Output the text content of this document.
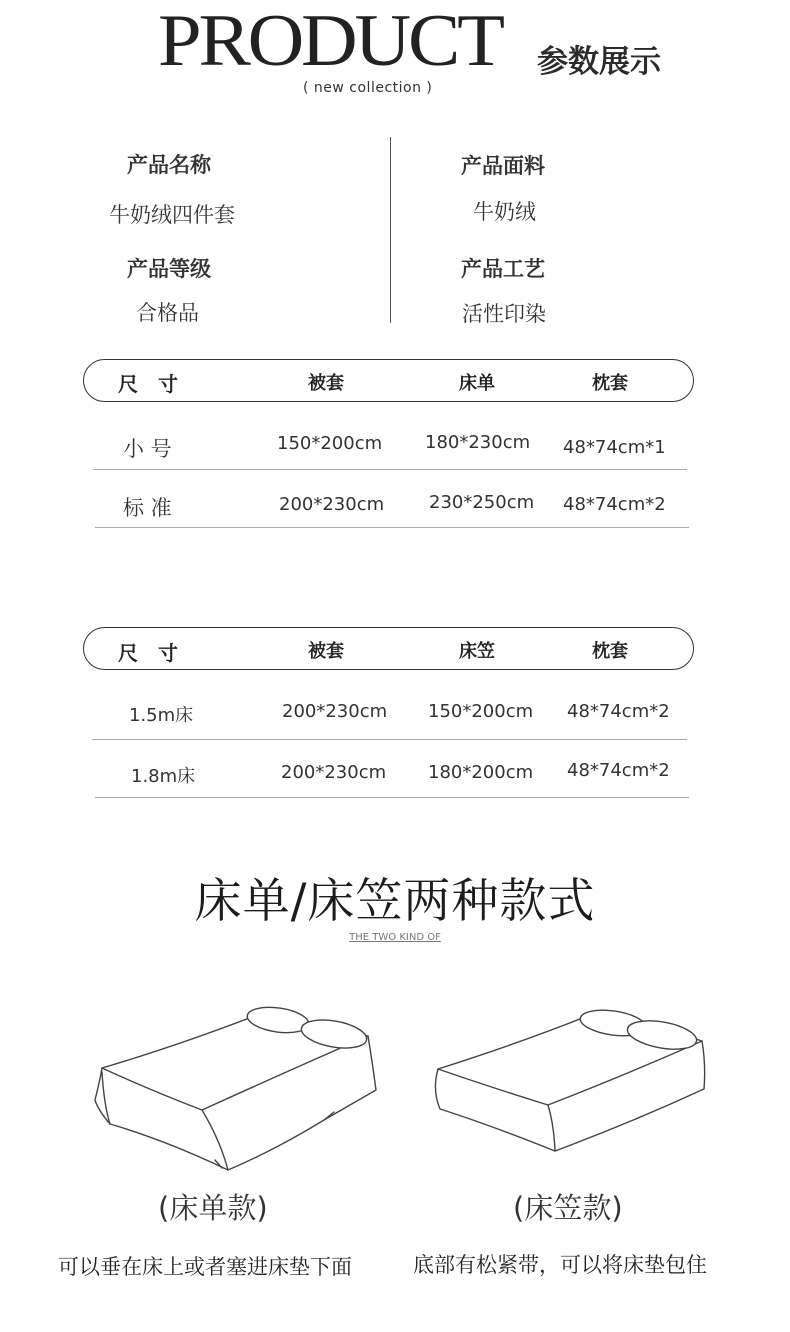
PRODUCT 参数展示
( new collection )
产品名称
牛奶绒四件套
产品等级
合格品
产品面料
牛奶绒
产品工艺
活性印染
尺　寸	被套	床单	枕套
小 号	150*200cm 180*230cm 48*74cm*1
标 准	200*230cm 230*250cm 48*74cm*2
尺　寸	被套	床笠	枕套
1.5m床	200*230cm 150*200cm 48*74cm*2
1.8m床	200*230cm 180*200cm 48*74cm*2
床单/床笠两种款式
THE TWO KIND OF
(床单款)	(床笠款)
可以垂在床上或者塞进床垫下面	底部有松紧带，可以将床垫包住
